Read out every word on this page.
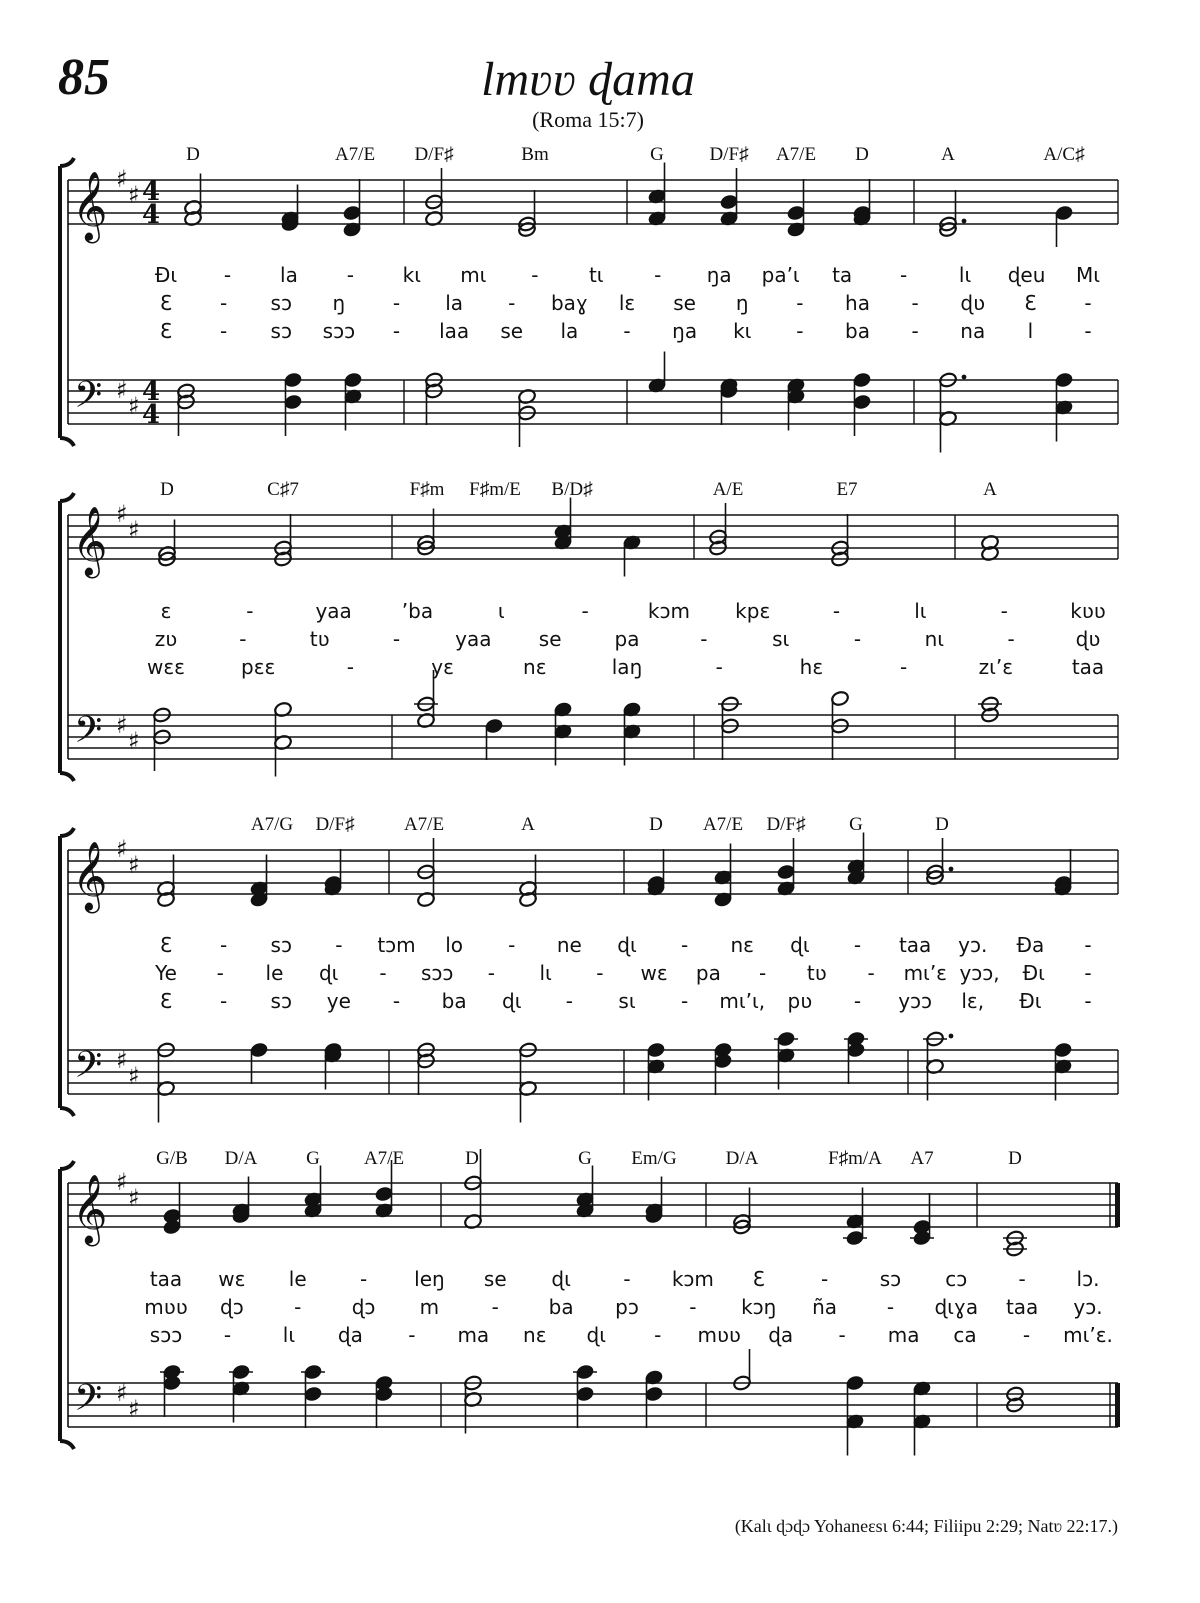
85	Ɩmʋʋ ɖama
(Roma 15:7)
𝄞 ♯
♯ 4
4
𝄢 ♯
♯ 4
4
D	A7/E D/F♯	Bm	G D/F♯ A7/E D	A	A/C♯
Ɖɩ - la - kɩ mɩ -	tɩ	- ŋa pa’ɩ ta -	lɩ ɖeu Mɩ
Ɛ - sɔ ŋ - la - baɣ lɛ se ŋ - ha - ɖʋ Ɛ -
Ɛ - sɔ sɔɔ - laa se la - ŋa kɩ - ba - na l	-
𝄞 ♯
♯
𝄢 ♯
♯
D	C♯7	F♯m F♯m/E B/D♯	A/E	E7	A
ɛ	-	yaa ’ba	ɩ	-	kɔm kpɛ	-	lɩ	-	kʋʋ
zʋ	-	tʋ	-	yaa se	pa	-	sɩ	-	nɩ	-	ɖʋ
wɛɛ	pɛɛ	-	yɛ	nɛ	laŋ	-	hɛ	-	zɩ’ɛ	taa
𝄞 ♯
♯
𝄢 ♯
♯
A7/G D/F♯	A7/E	A	D A7/E D/F♯ G	D
Ɛ - sɔ - tɔm lo - ne ɖɩ - nɛ ɖɩ - taa yɔ. Ɖa -
Ye - le ɖɩ - sɔɔ - lɩ - wɛ pa - tʋ - mɩ’ɛ yɔɔ, Ɖɩ -
Ɛ - sɔ ye - ba ɖɩ - sɩ - mɩ’ɩ, pʋ - yɔɔ lɛ, Ɖɩ -
𝄞 ♯
♯
𝄢 ♯
♯
G/B D/A	G A7/E	D	G Em/G	D/A	F♯m/A A7	D
taa wɛ le	- leŋ se ɖɩ	- kɔm Ɛ	-	sɔ cɔ	-	lɔ.
mʋʋ ɖɔ	-	ɖɔ m	- ba pɔ	- kɔŋ ña - ɖɩɣa taa yɔ.
sɔɔ -	lɩ ɖa - ma nɛ ɖɩ - mʋʋ ɖa - ma ca - mɩ’ɛ.
(Kalɩ ɖɔɖɔ Yohaneɛsɩ 6:44; Filiipu 2:29; Natʋ 22:17.)
